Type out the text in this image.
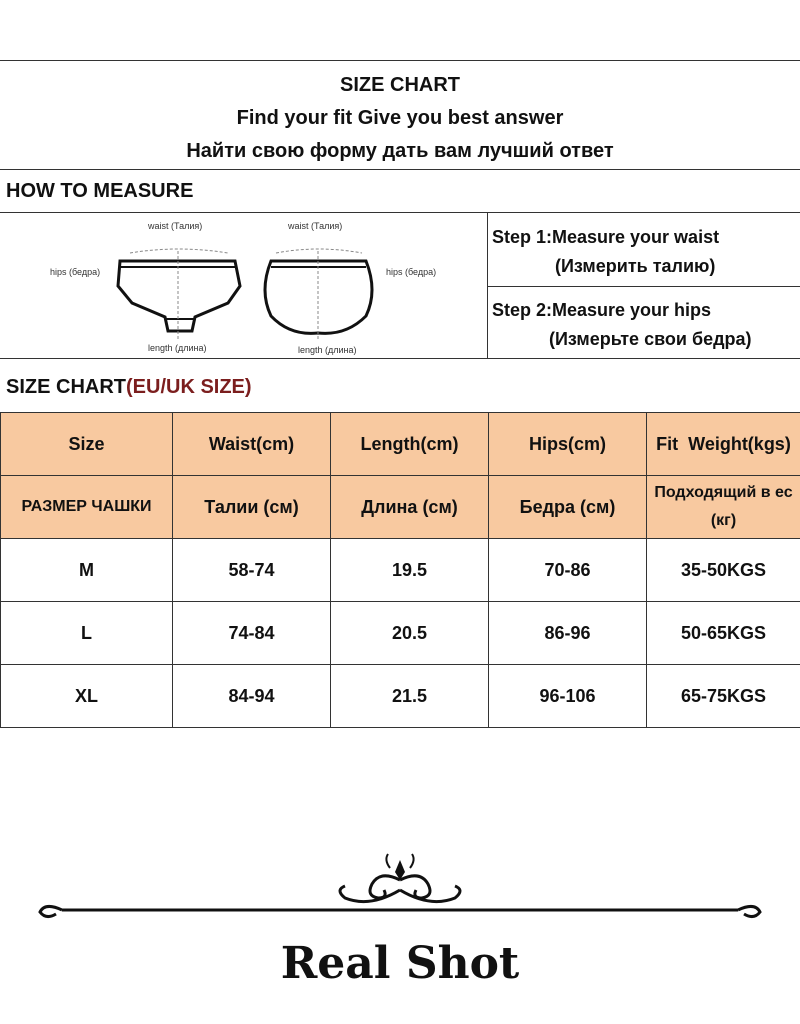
SIZE CHART
Find your fit Give you best answer
Найти свою форму дать вам лучший ответ
HOW TO MEASURE
waist (Талия)	waist (Талия)
hips (бедра)	hips (бедра)
length (длина)	length (длина)
Step 1:Measure your waist
(Измерить талию)
Step 2:Measure your hips
(Измерьте свои бедра)
SIZE CHART(EU/UK SIZE)
Size	Waist(cm)	Length(cm)	Hips(cm)	Fit  Weight(kgs)
РАЗМЕР ЧАШКИ	Талии (см)	Длина (см)	Бедра (см)	Подходящий в ес (кг)
M	58-74	19.5	70-86	35-50KGS
L	74-84	20.5	86-96	50-65KGS
XL	84-94	21.5	96-106	65-75KGS
Real Shot
